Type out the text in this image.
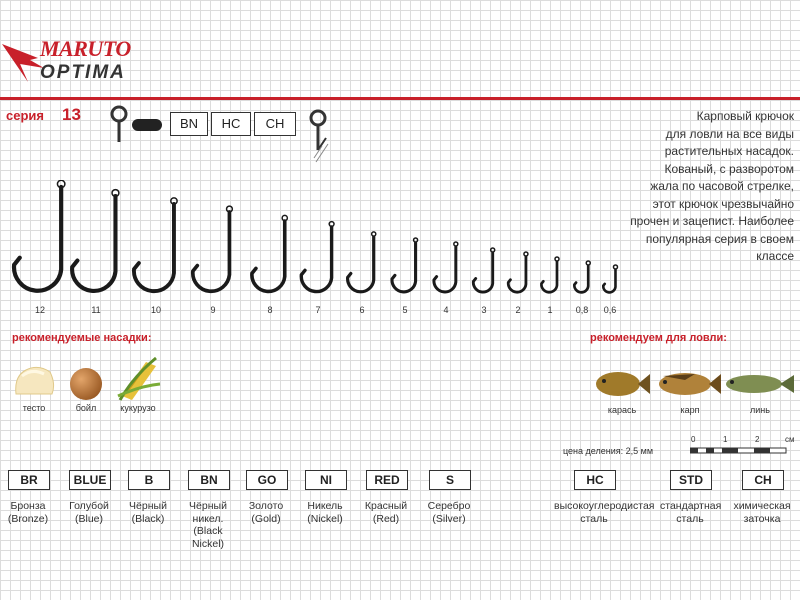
MARUTO
OPTIMA
серия 13	BN	HC	CH	Карповый крючок
для ловли на все виды
растительных насадок.
Кованый, с разворотом
жала по часовой стрелке,
этот крючок чрезвычайно
прочен и зацепист. Наиболее
популярная серия в своем
классе
12	11	10	9	8	7	6	5	4	3	2	1	0,8	0,6
рекомендуемые насадки:
тесто	бойл	кукурузо
рекомендуем для ловли:
карась	карп	линь
цена деления: 2,5 мм
0	1	2	см
BR
Бронза
(Bronze)
BLUE
Голубой
(Blue)
B
Чёрный
(Black)
BN
Чёрный
никел.
(Black
Nickel)
GO
Золото
(Gold)
NI
Никель
(Nickel)
RED
Красный
(Red)
S
Серебро
(Silver)
HC
высокоуглеродистая
сталь
STD
стандартная
сталь
CH
химическая
заточка
